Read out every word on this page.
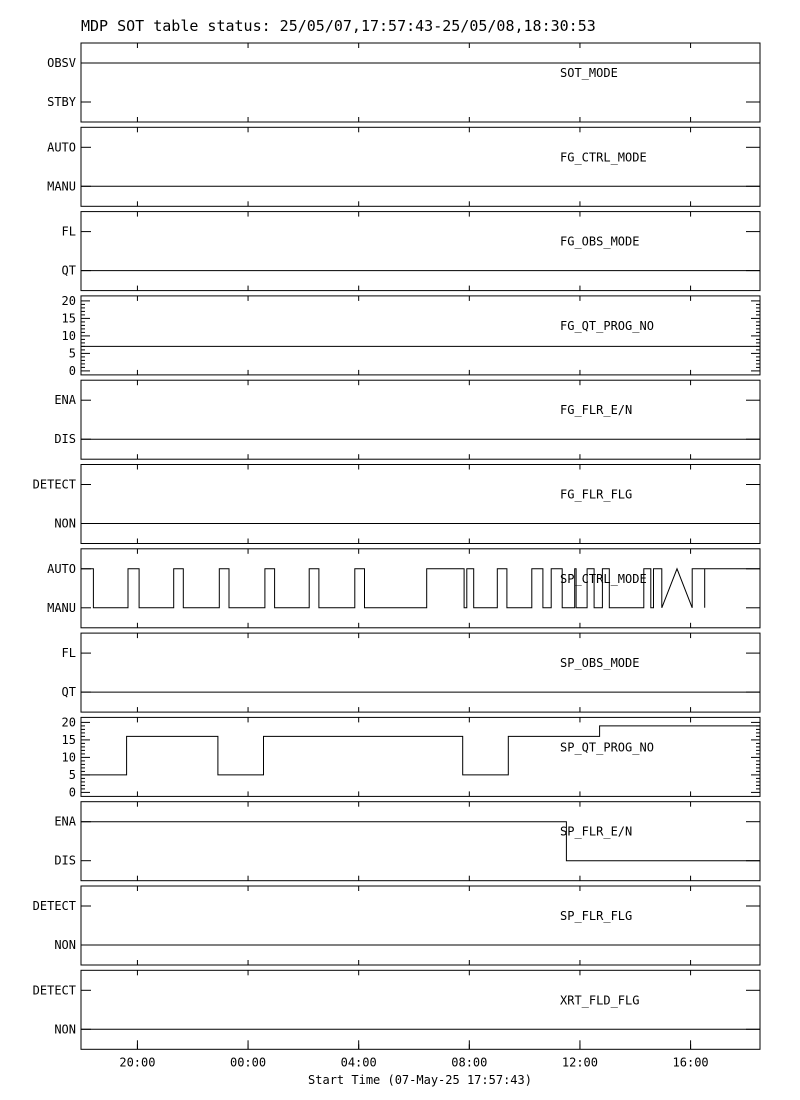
MDP SOT table status: 25/05/07,17:57:43-25/05/08,18:30:53
OBSV
STBY
SOT_MODE
AUTO
MANU
FG_CTRL_MODE
FL
QT
FG_OBS_MODE
0
5
10
15
20
FG_QT_PROG_NO
ENA
DIS
FG_FLR_E/N
DETECT
NON
FG_FLR_FLG
AUTO
MANU
SP_CTRL_MODE
FL
QT
SP_OBS_MODE
0
5
10
15
20
SP_QT_PROG_NO
ENA
DIS
SP_FLR_E/N
DETECT
NON
SP_FLR_FLG
DETECT
NON
XRT_FLD_FLG
20:00	00:00	04:00	08:00	12:00	16:00
Start Time (07-May-25 17:57:43)
